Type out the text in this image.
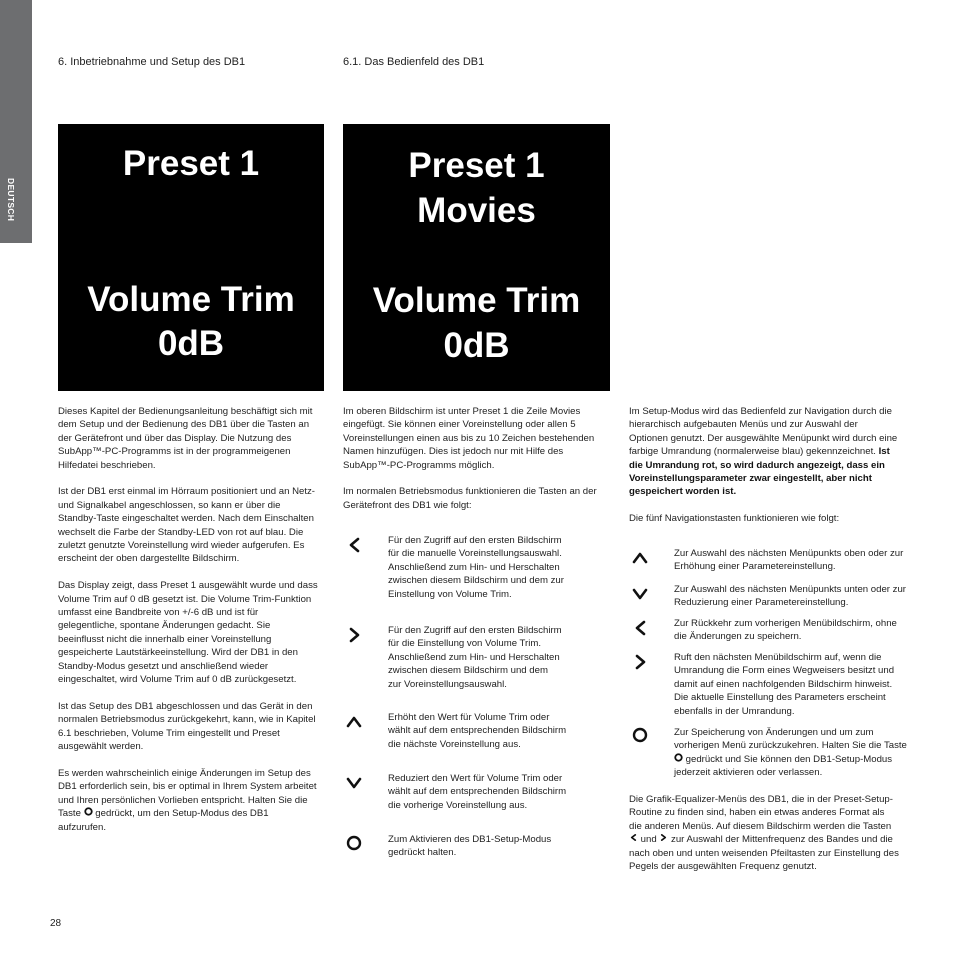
DEUTSCH
6. Inbetriebnahme und Setup des DB1	6.1. Das Bedienfeld des DB1
Preset 1
Volume Trim
0dB
Preset 1
Movies
Volume Trim
0dB

Dieses Kapitel der Bedienungsanleitung beschäftigt sich mit dem Setup und der Bedienung des DB1 über die Tasten an der Gerätefront und über das Display. Die Nutzung des SubApp™-PC-Programms ist in der programmeigenen Hilfedatei beschrieben.

Ist der DB1 erst einmal im Hörraum positioniert und an Netz- und Signalkabel angeschlossen, so kann er über die Standby-Taste eingeschaltet werden. Nach dem Einschalten wechselt die Farbe der Standby-LED von rot auf blau. Die zuletzt genutzte Voreinstellung wird wieder aufgerufen. Es erscheint der oben dargestellte Bildschirm.

Das Display zeigt, dass Preset 1 ausgewählt wurde und dass Volume Trim auf 0 dB gesetzt ist. Die Volume Trim-Funktion umfasst eine Bandbreite von +/-6 dB und ist für gelegentliche, spontane Änderungen gedacht. Sie beeinflusst nicht die innerhalb einer Voreinstellung gespeicherte Lautstärkeeinstellung. Wird der DB1 in den Standby-Modus gesetzt und anschließend wieder eingeschaltet, wird Volume Trim auf 0 dB zurückgesetzt.

Ist das Setup des DB1 abgeschlossen und das Gerät in den normalen Betriebsmodus zurückgekehrt, kann, wie in Kapitel 6.1 beschrieben, Volume Trim eingestellt und Preset ausgewählt werden.

Es werden wahrscheinlich einige Änderungen im Setup des DB1 erforderlich sein, bis er optimal in Ihrem System arbeitet und Ihren persönlichen Vorlieben entspricht. Halten Sie die Taste gedrückt, um den Setup-Modus des DB1 aufzurufen.

Im oberen Bildschirm ist unter Preset 1 die Zeile Movies eingefügt. Sie können einer Voreinstellung oder allen 5 Voreinstellungen einen aus bis zu 10 Zeichen bestehenden Namen hinzufügen. Dies ist jedoch nur mit Hilfe des SubApp™-PC-Programms möglich.

Im normalen Betriebsmodus funktionieren die Tasten an der Gerätefront des DB1 wie folgt:

Für den Zugriff auf den ersten Bildschirm für die manuelle Voreinstellungsauswahl. Anschließend zum Hin- und Herschalten zwischen diesem Bildschirm und dem zur Einstellung von Volume Trim.
Für den Zugriff auf den ersten Bildschirm für die Einstellung von Volume Trim. Anschließend zum Hin- und Herschalten zwischen diesem Bildschirm und dem zur Voreinstellungsauswahl.
Erhöht den Wert für Volume Trim oder wählt auf dem entsprechenden Bildschirm die nächste Voreinstellung aus.
Reduziert den Wert für Volume Trim oder wählt auf dem entsprechenden Bildschirm die vorherige Voreinstellung aus.
Zum Aktivieren des DB1-Setup-Modus gedrückt halten.

Im Setup-Modus wird das Bedienfeld zur Navigation durch die hierarchisch aufgebauten Menüs und zur Auswahl der Optionen genutzt. Der ausgewählte Menüpunkt wird durch eine farbige Umrandung (normalerweise blau) gekennzeichnet. Ist die Umrandung rot, so wird dadurch angezeigt, dass ein Voreinstellungsparameter zwar eingestellt, aber nicht gespeichert worden ist.

Die fünf Navigationstasten funktionieren wie folgt:

Zur Auswahl des nächsten Menüpunkts oben oder zur Erhöhung einer Parametereinstellung.
Zur Auswahl des nächsten Menüpunkts unten oder zur Reduzierung einer Parametereinstellung.
Zur Rückkehr zum vorherigen Menübildschirm, ohne die Änderungen zu speichern.
Ruft den nächsten Menübildschirm auf, wenn die Umrandung die Form eines Wegweisers besitzt und damit auf einen nachfolgenden Bildschirm hinweist. Die aktuelle Einstellung des Parameters erscheint ebenfalls in der Umrandung.
Zur Speicherung von Änderungen und um zum vorherigen Menü zurückzukehren. Halten Sie die Taste  gedrückt und Sie können den DB1-Setup-Modus jederzeit aktivieren oder verlassen.

Die Grafik-Equalizer-Menüs des DB1, die in der Preset-Setup-Routine zu finden sind, haben ein etwas anderes Format als die anderen Menüs. Auf diesem Bildschirm werden die Tasten  und zur Auswahl der Mittenfrequenz des Bandes und die nach oben und unten weisenden Pfeiltasten zur Einstellung des Pegels der ausgewählten Frequenz genutzt.

28
